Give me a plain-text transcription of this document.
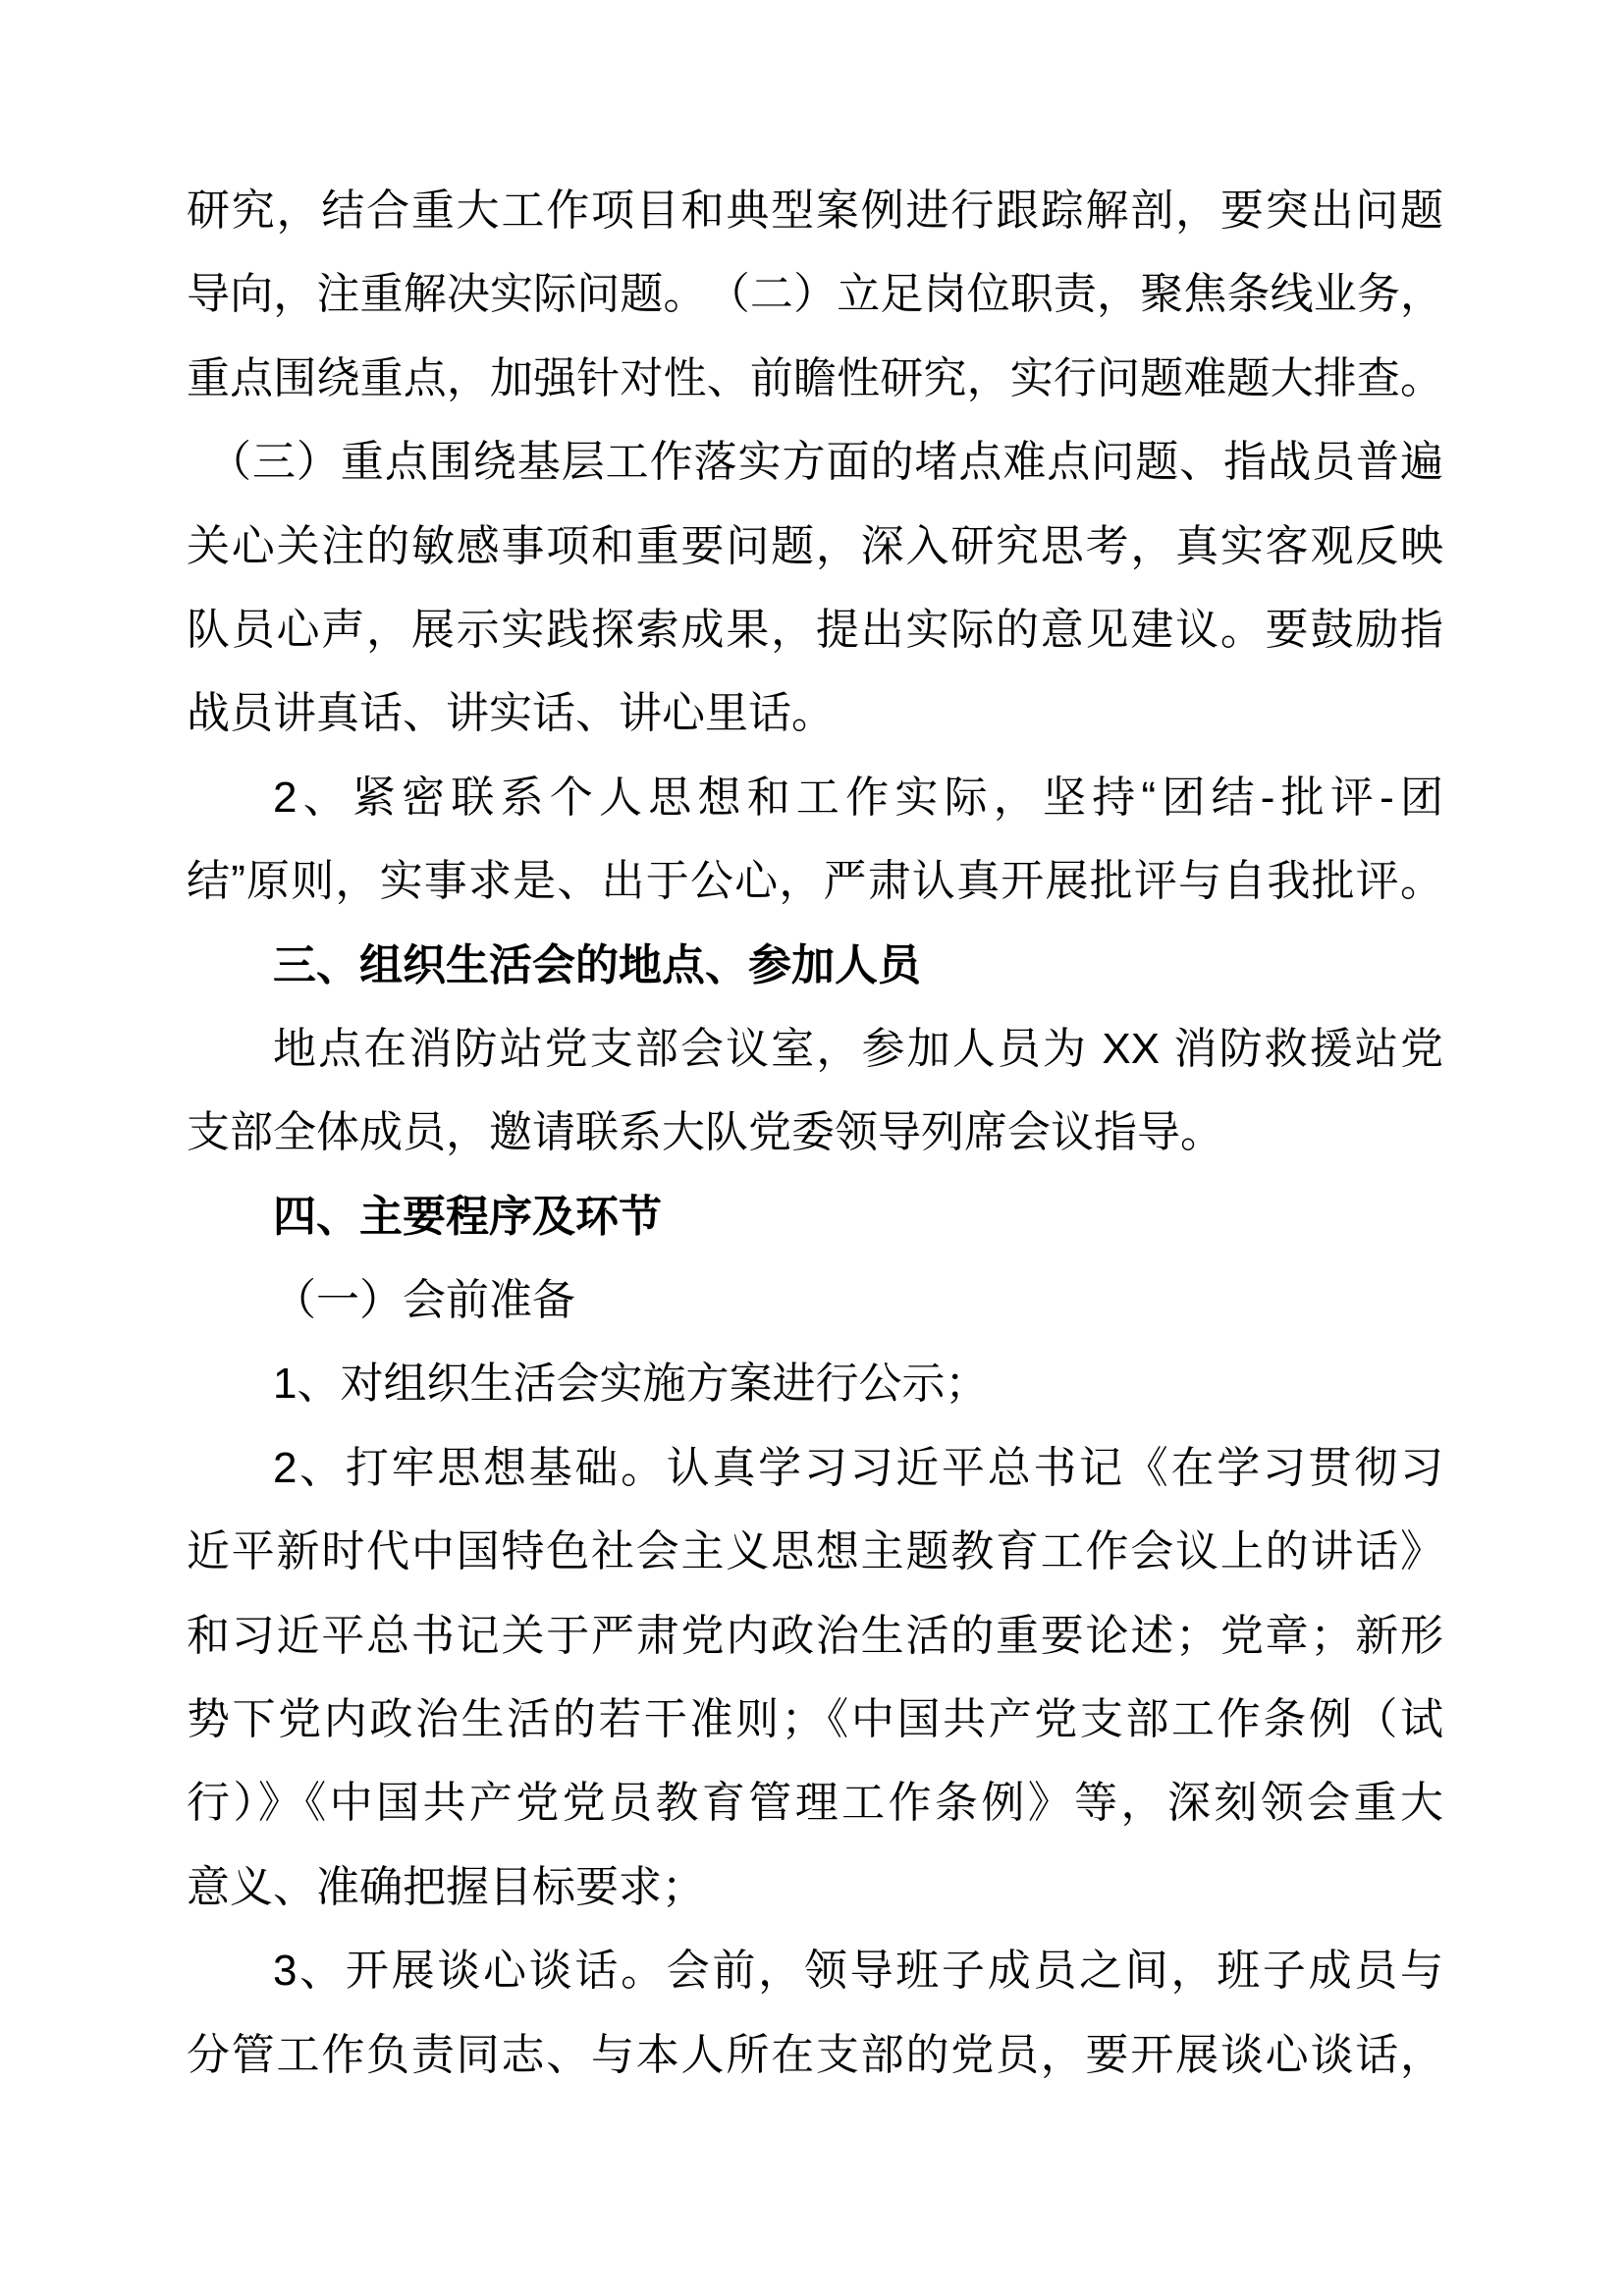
研究，结合重大工作项目和典型案例进行跟踪解剖，要突出问题
导向，注重解决实际问题。　（二）立足岗位职责，聚焦条线业务，
重点围绕重点，加强针对性、前瞻性研究，实行问题难题大排查。
（三）重点围绕基层工作落实方面的堵点难点问题、指战员普遍
关心关注的敏感事项和重要问题，深入研究思考，真实客观反映
队员心声，展示实践探索成果，提出实际的意见建议。要鼓励指
战员讲真话、讲实话、讲心里话。
2、紧密联系个人思想和工作实际，坚持“团结-批评-团
结”原则，实事求是、出于公心，严肃认真开展批评与自我批评。
三、组织生活会的地点、参加人员
地点在消防站党支部会议室，参加人员为 XX 消防救援站党
支部全体成员，邀请联系大队党委领导列席会议指导。
四、主要程序及环节
（一）会前准备
1、对组织生活会实施方案进行公示；
2、打牢思想基础。认真学习习近平总书记《在学习贯彻习
近平新时代中国特色社会主义思想主题教育工作会议上的讲话》
和习近平总书记关于严肃党内政治生活的重要论述；党章；新形
势下党内政治生活的若干准则；《中国共产党支部工作条例（试
行）》《中国共产党党员教育管理工作条例》等，深刻领会重大
意义、准确把握目标要求；
3、开展谈心谈话。会前，领导班子成员之间，班子成员与
分管工作负责同志、与本人所在支部的党员，要开展谈心谈话，
